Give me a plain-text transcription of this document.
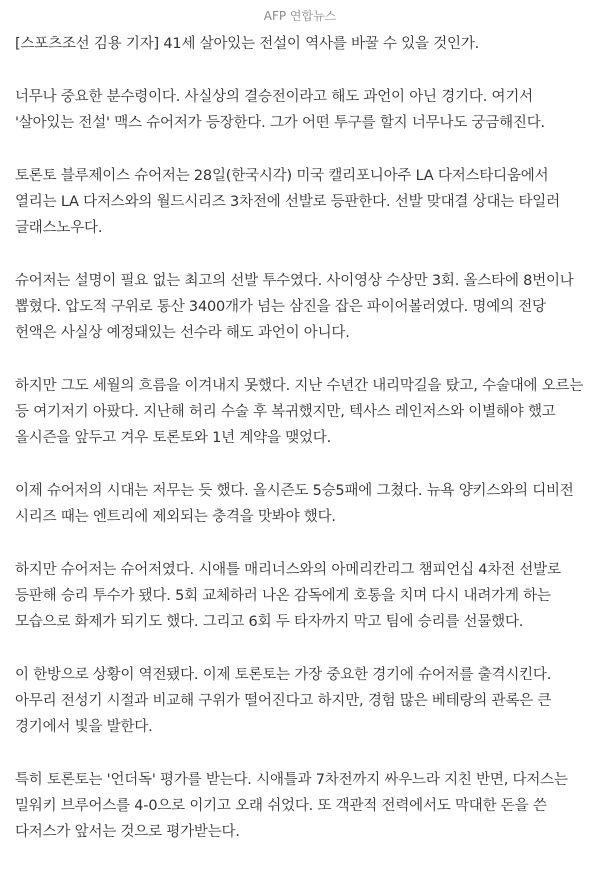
AFP 연합뉴스

[스포츠조선 김용 기자] 41세 살아있는 전설이 역사를 바꿀 수 있을 것인가.

너무나 중요한 분수령이다. 사실상의 결승전이라고 해도 과언이 아닌 경기다. 여기서 '살아있는 전설' 맥스 슈어저가 등장한다. 그가 어떤 투구를 할지 너무나도 궁금해진다.

토론토 블루제이스 슈어저는 28일(한국시각) 미국 캘리포니아주 LA 다저스타디움에서 열리는 LA 다저스와의 월드시리즈 3차전에 선발로 등판한다. 선발 맞대결 상대는 타일러 글래스노우다.

슈어저는 설명이 필요 없는 최고의 선발 투수였다. 사이영상 수상만 3회. 올스타에 8번이나 뽑혔다. 압도적 구위로 통산 3400개가 넘는 삼진을 잡은 파이어볼러였다. 명예의 전당 헌액은 사실상 예정돼있는 선수라 해도 과언이 아니다.

하지만 그도 세월의 흐름을 이겨내지 못했다. 지난 수년간 내리막길을 탔고, 수술대에 오르는 등 여기저기 아팠다. 지난해 허리 수술 후 복귀했지만, 텍사스 레인저스와 이별해야 했고 올시즌을 앞두고 겨우 토론토와 1년 계약을 맺었다.

이제 슈어저의 시대는 저무는 듯 했다. 올시즌도 5승5패에 그쳤다. 뉴욕 양키스와의 디비전 시리즈 때는 엔트리에 제외되는 충격을 맛봐야 했다.

하지만 슈어저는 슈어저였다. 시애틀 매리너스와의 아메리칸리그 챔피언십 4차전 선발로 등판해 승리 투수가 됐다. 5회 교체하러 나온 감독에게 호통을 치며 다시 내려가게 하는 모습으로 화제가 되기도 했다. 그리고 6회 두 타자까지 막고 팀에 승리를 선물했다.

이 한방으로 상황이 역전됐다. 이제 토론토는 가장 중요한 경기에 슈어저를 출격시킨다. 아무리 전성기 시절과 비교해 구위가 떨어진다고 하지만, 경험 많은 베테랑의 관록은 큰 경기에서 빛을 발한다.

특히 토론토는 '언더독' 평가를 받는다. 시애틀과 7차전까지 싸우느라 지친 반면, 다저스는 밀워키 브루어스를 4-0으로 이기고 오래 쉬었다. 또 객관적 전력에서도 막대한 돈을 쓴 다저스가 앞서는 것으로 평가받는다.
